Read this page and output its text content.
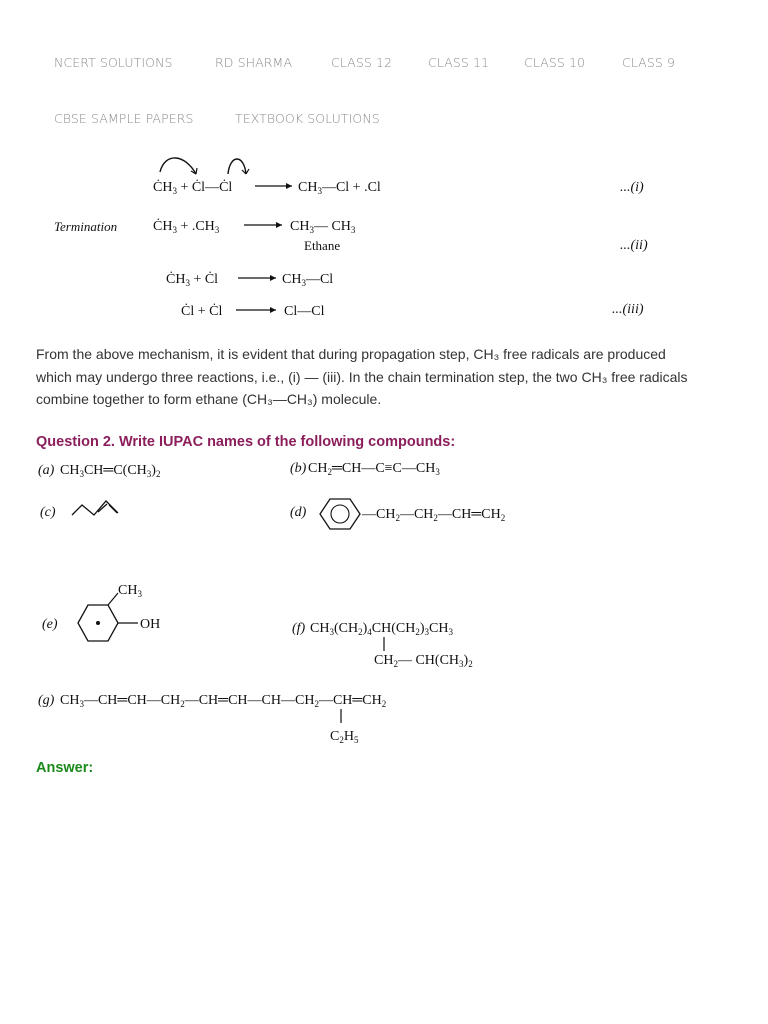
NCERT SOLUTIONS	RD SHARMA	CLASS 12	CLASS 11	CLASS 10	CLASS 9
CBSE SAMPLE PAPERS	TEXTBOOK SOLUTIONS
$ĊH_3$ + Ċl—Ċl	$CH_3—Cl + .Cl$	...(i)
Termination	$ĊH_3 + .CH_3$	$CH_3—$ $CH_3$
Ethane	...(ii)
$ĊH_3$ + Ċl	$CH_3—Cl$
Ċl + Ċl	Cl—Cl	...(iii)

From the above mechanism, it is evident that during propagation step, CH₃ free radicals are produced

which may undergo three reactions, i.e., (i) — (iii). In the chain termination step, the two CH₃ free radicals

combine together to form ethane (CH₃—CH₃) molecule.

Question 2. Write IUPAC names of the following compounds:
(a) $CH_3CH═C(CH_3)_2$	(b) $CH_2═CH—C\equiv C—CH_3$
(c)	(d)	$—CH_2—CH_2—CH═CH_2$
(e)
$CH_3$
OH	(f) $CH_3(CH_2)_4CH(CH_2)_3CH_3$
$CH_2—$ $CH(CH_3)_2$
(g) $CH_3—CH═CH—CH_2—CH═CH—CH—CH_2—CH═CH_2$
$C_2H_5$
Answer:
